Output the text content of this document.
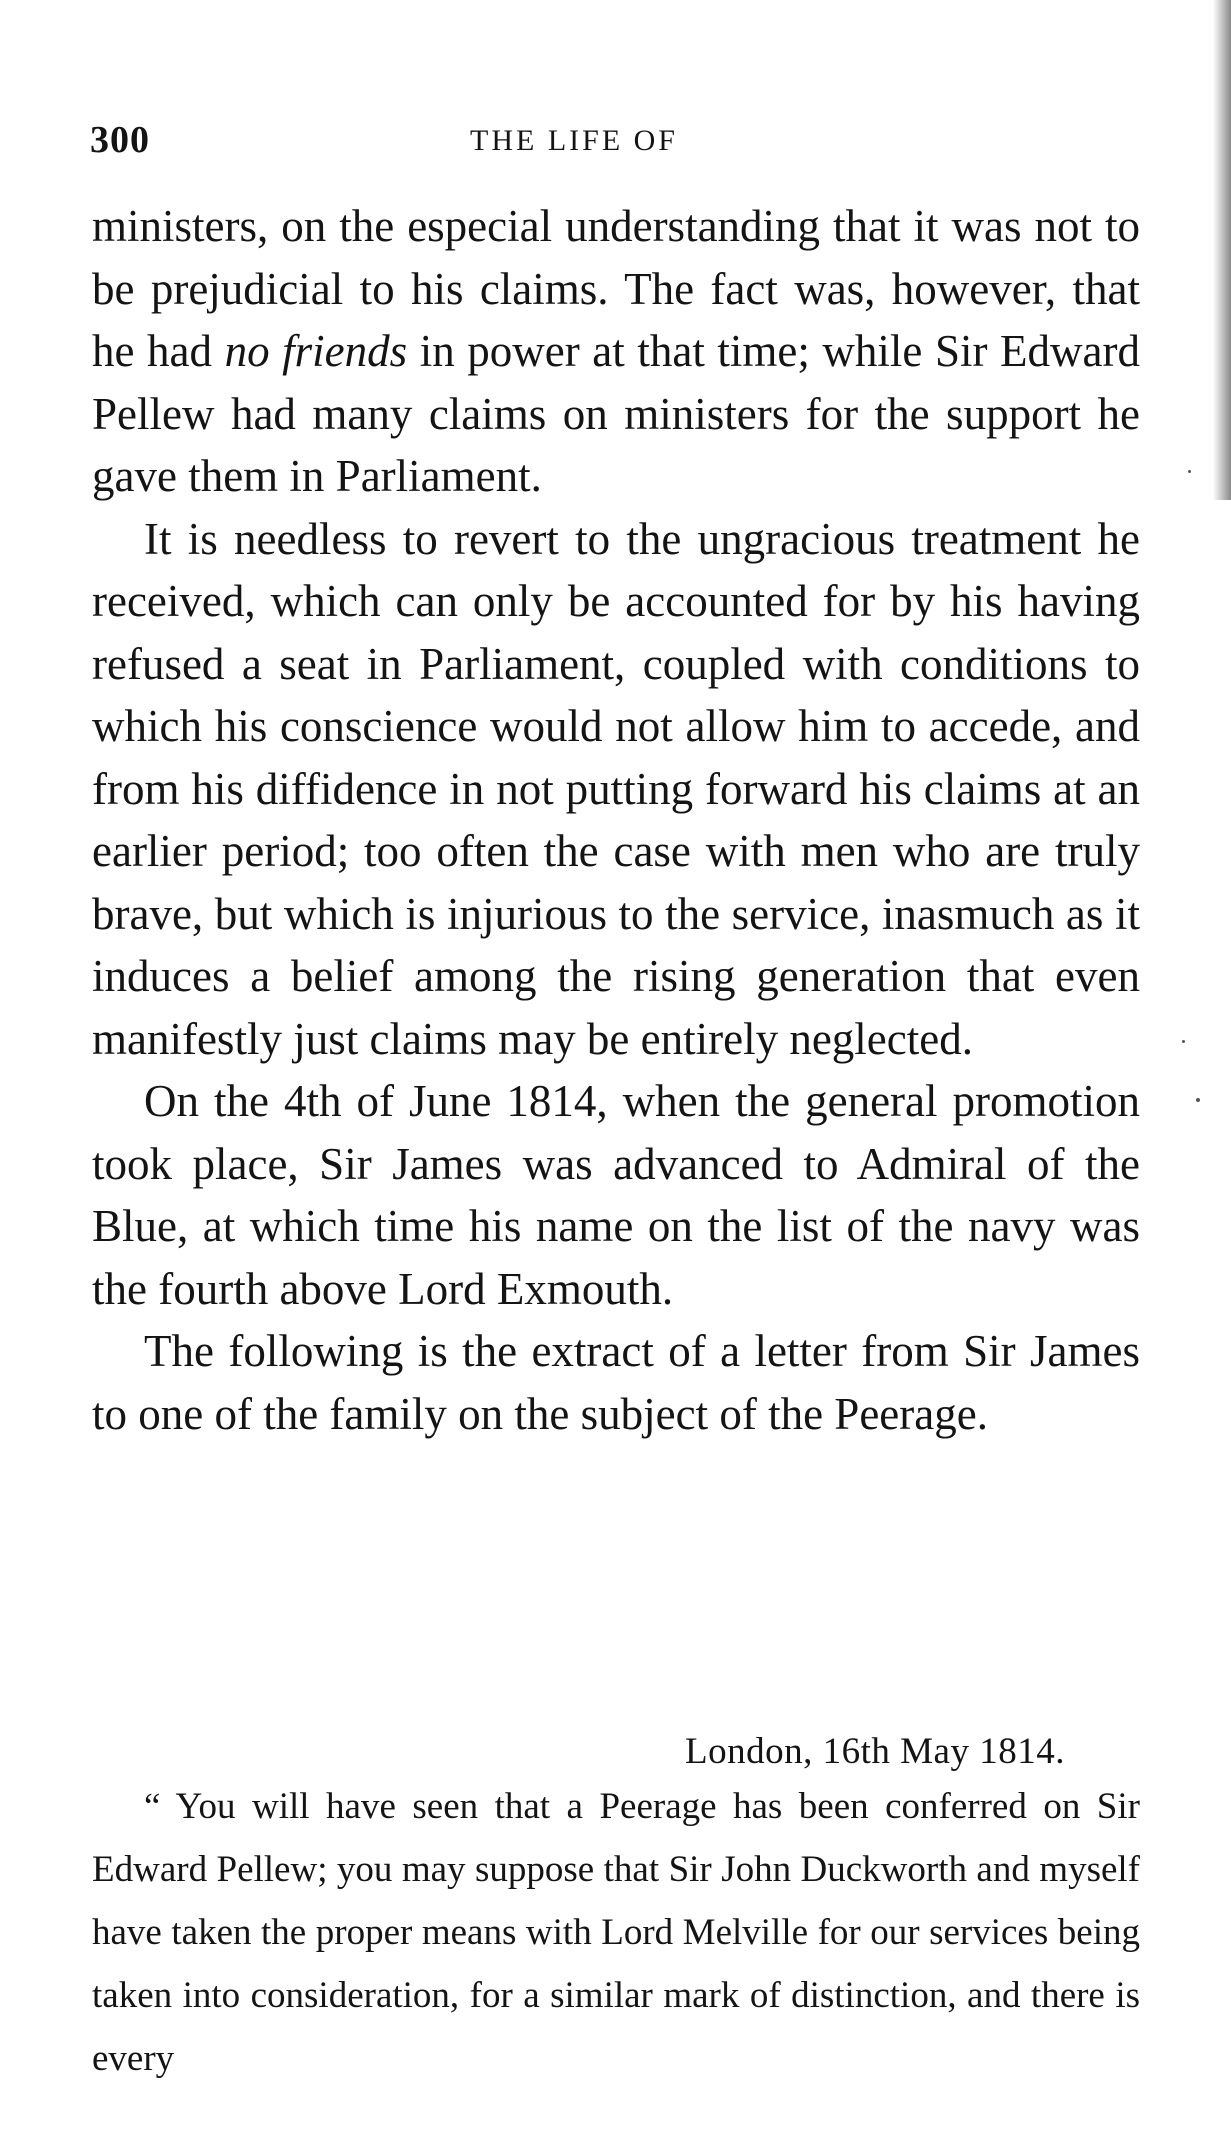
300	THE LIFE OF

ministers, on the especial understanding that it was not to be prejudicial to his claims. The fact was, however, that he had no friends in power at that time; while Sir Edward Pellew had many claims on ministers for the support he gave them in Parliament.

It is needless to revert to the ungracious treatment he received, which can only be accounted for by his having refused a seat in Parliament, coupled with conditions to which his conscience would not allow him to accede, and from his diffidence in not putting forward his claims at an earlier period; too often the case with men who are truly brave, but which is injurious to the service, inasmuch as it induces a belief among the rising generation that even manifestly just claims may be entirely neglected.

On the 4th of June 1814, when the general promotion took place, Sir James was advanced to Admiral of the Blue, at which time his name on the list of the navy was the fourth above Lord Exmouth.

The following is the extract of a letter from Sir James to one of the family on the subject of the Peerage.

London, 16th May 1814.

“ You will have seen that a Peerage has been conferred on Sir Edward Pellew; you may suppose that Sir John Duckworth and myself have taken the proper means with Lord Melville for our services being taken into consideration, for a similar mark of distinction, and there is every
